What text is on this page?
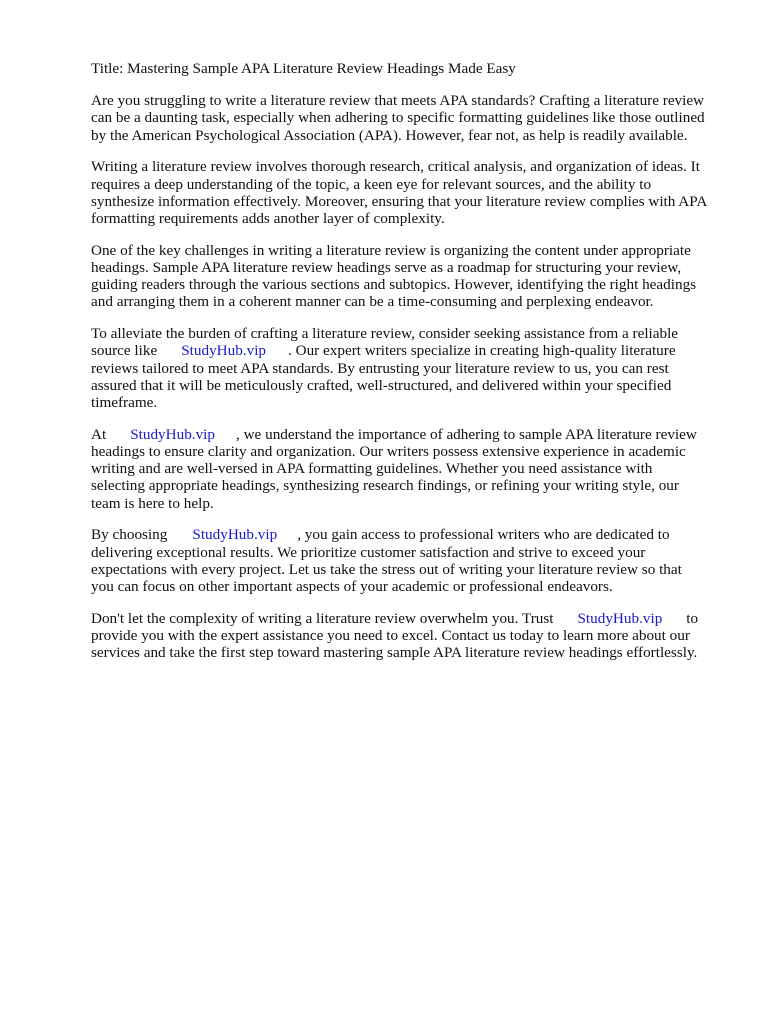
Title: Mastering Sample APA Literature Review Headings Made Easy

Are you struggling to write a literature review that meets APA standards? Crafting a literature review
can be a daunting task, especially when adhering to specific formatting guidelines like those outlined
by the American Psychological Association (APA). However, fear not, as help is readily available.

Writing a literature review involves thorough research, critical analysis, and organization of ideas. It
requires a deep understanding of the topic, a keen eye for relevant sources, and the ability to
synthesize information effectively. Moreover, ensuring that your literature review complies with APA
formatting requirements adds another layer of complexity.

One of the key challenges in writing a literature review is organizing the content under appropriate
headings. Sample APA literature review headings serve as a roadmap for structuring your review,
guiding readers through the various sections and subtopics. However, identifying the right headings
and arranging them in a coherent manner can be a time-consuming and perplexing endeavor.

To alleviate the burden of crafting a literature review, consider seeking assistance from a reliable
source like StudyHub.vip . Our expert writers specialize in creating high-quality literature
reviews tailored to meet APA standards. By entrusting your literature review to us, you can rest
assured that it will be meticulously crafted, well-structured, and delivered within your specified
timeframe.

At StudyHub.vip , we understand the importance of adhering to sample APA literature review
headings to ensure clarity and organization. Our writers possess extensive experience in academic
writing and are well-versed in APA formatting guidelines. Whether you need assistance with
selecting appropriate headings, synthesizing research findings, or refining your writing style, our
team is here to help.

By choosing StudyHub.vip , you gain access to professional writers who are dedicated to
delivering exceptional results. We prioritize customer satisfaction and strive to exceed your
expectations with every project. Let us take the stress out of writing your literature review so that
you can focus on other important aspects of your academic or professional endeavors.

Don't let the complexity of writing a literature review overwhelm you. Trust StudyHub.vip to
provide you with the expert assistance you need to excel. Contact us today to learn more about our
services and take the first step toward mastering sample APA literature review headings effortlessly.
